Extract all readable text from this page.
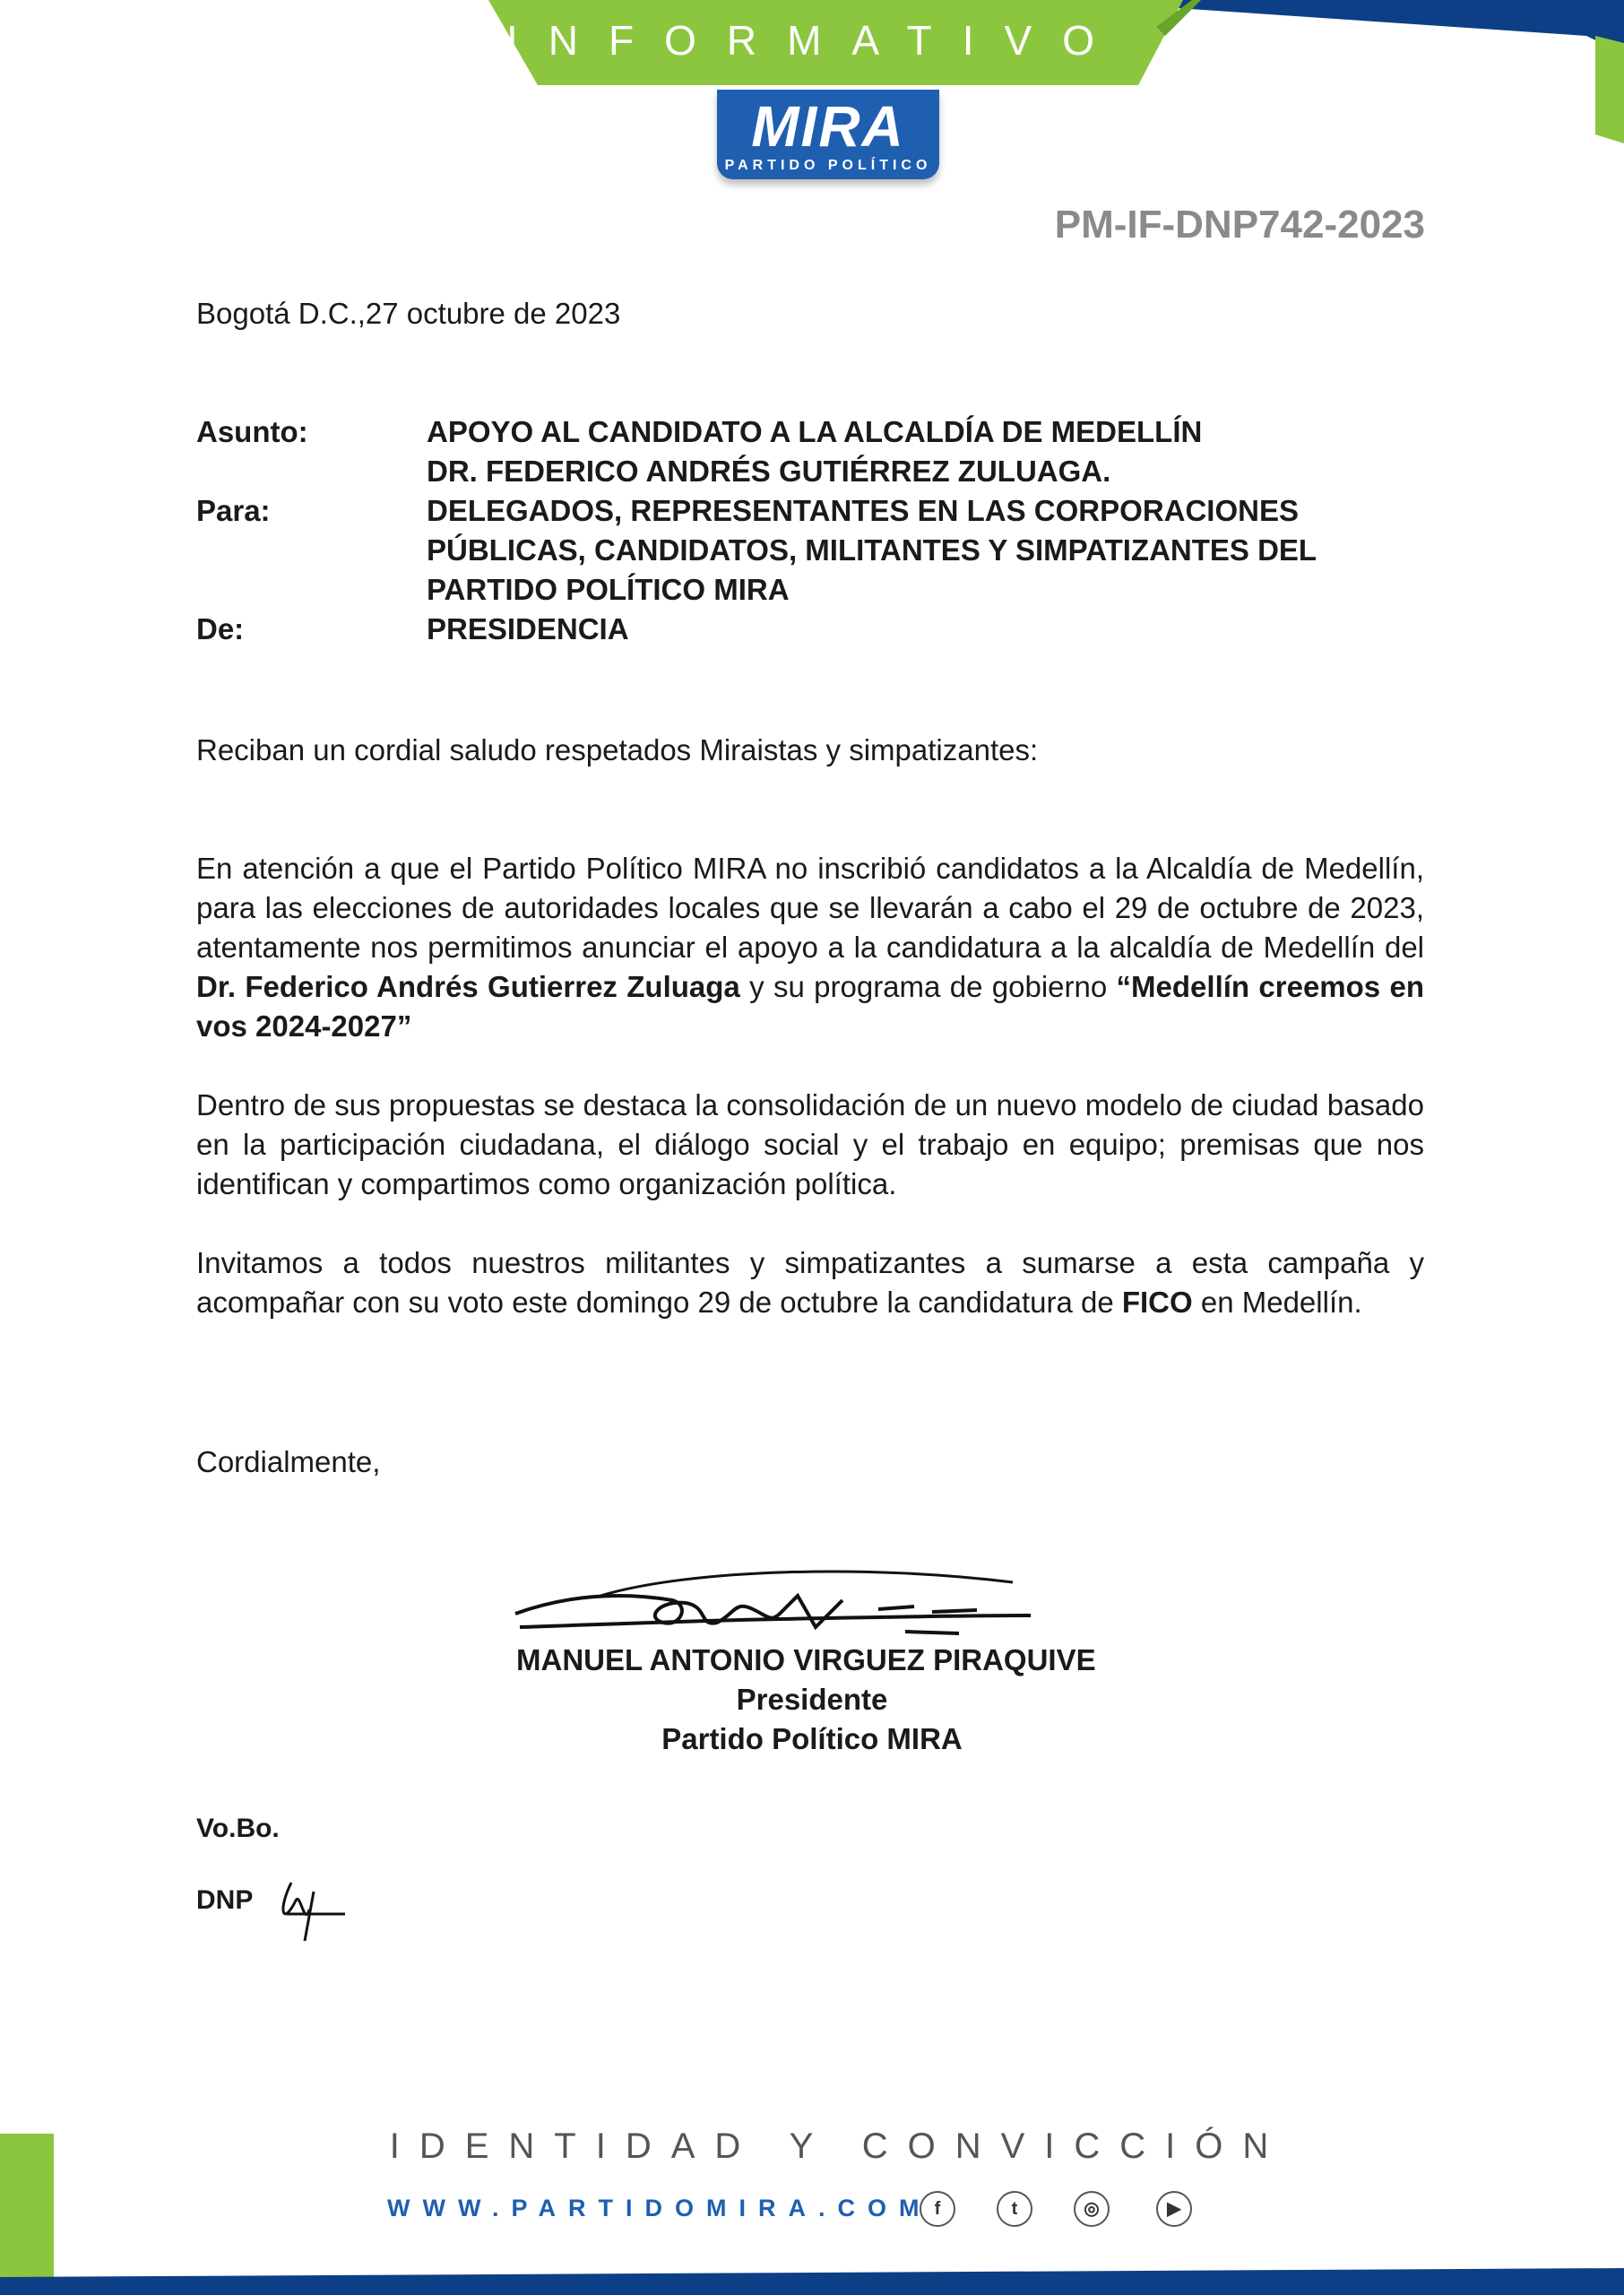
INFORMATIVO
MIRA
PARTIDO POLÍTICO
PM-IF-DNP742-2023
Bogotá D.C.,27 octubre de 2023
Asunto:	APOYO AL CANDIDATO A LA ALCALDÍA DE MEDELLÍN
DR. FEDERICO ANDRÉS GUTIÉRREZ ZULUAGA.
Para:	DELEGADOS, REPRESENTANTES EN LAS CORPORACIONES
PÚBLICAS, CANDIDATOS, MILITANTES Y SIMPATIZANTES DEL
PARTIDO POLÍTICO MIRA
De:	PRESIDENCIA
Reciban un cordial saludo respetados Miraistas y simpatizantes:
En atención a que el Partido Político MIRA no inscribió candidatos a la Alcaldía de Medellín, para las elecciones de autoridades locales que se llevarán a cabo el 29 de octubre de 2023, atentamente nos permitimos anunciar el apoyo a la candidatura a la alcaldía de Medellín del Dr. Federico Andrés Gutierrez Zuluaga y su programa de gobierno “Medellín creemos en vos 2024-2027”
Dentro de sus propuestas se destaca la consolidación de un nuevo modelo de ciudad basado en la participación ciudadana, el diálogo social y el trabajo en equipo; premisas que nos identifican y compartimos como organización política.
Invitamos a todos nuestros militantes y simpatizantes a sumarse a esta campaña y acompañar con su voto este domingo 29 de octubre la candidatura de FICO en Medellín.
Cordialmente,
MANUEL ANTONIO VIRGUEZ PIRAQUIVE
Presidente
Partido Político MIRA
Vo.Bo.
DNP
IDENTIDAD Y CONVICCIÓN
WWW.PARTIDOMIRA.COM f	t	◎	▶
